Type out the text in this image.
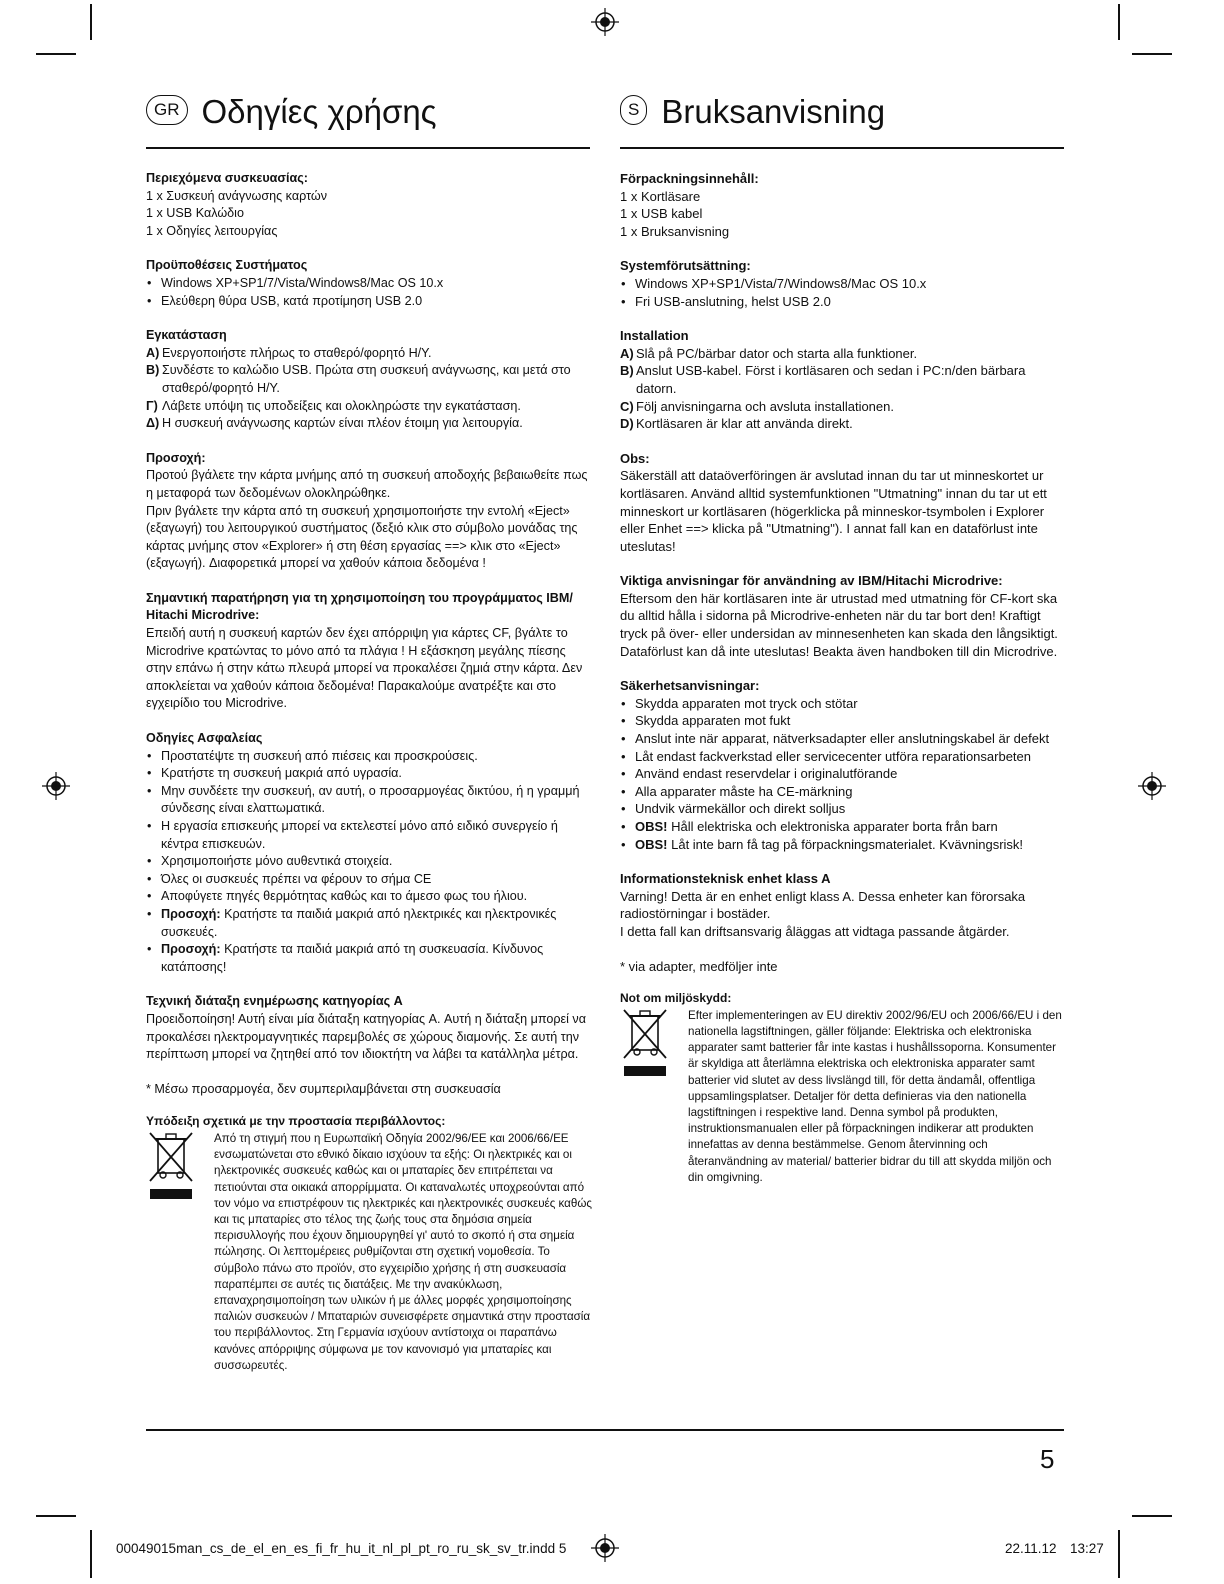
GR Οδηγίες χρήσης	S Bruksanvisning
Περιεχόμενα συσκευασίας:

1 x Συσκευή ανάγνωσης καρτών

1 x USB Καλώδιο

1 x Οδηγίες λειτουργίας

Προϋποθέσεις Συστήματος

• Windows XP+SP1/7/Vista/Windows8/Mac OS 10.x

• Ελεύθερη θύρα USB, κατά προτίμηση USB 2.0

Εγκατάσταση

Α) Ενεργοποιήστε πλήρως το σταθερό/φορητό Η/Υ.

Β) Συνδέστε το καλώδιο USB. Πρώτα στη συσκευή ανάγνωσης, και μετά στο σταθερό/φορητό Η/Υ.

Γ) Λάβετε υπόψη τις υποδείξεις και ολοκληρώστε την εγκατάσταση.

Δ) Η συσκευή ανάγνωσης καρτών είναι πλέον έτοιμη για λειτουργία.

Προσοχή:

Προτού βγάλετε την κάρτα μνήμης από τη συσκευή αποδοχής βεβαιωθείτε πως η μεταφορά των δεδομένων ολοκληρώθηκε.

Πριν βγάλετε την κάρτα από τη συσκευή χρησιμοποιήστε την εντολή «Eject» (εξαγωγή) του λειτουργικού συστήματος (δεξιό κλικ στο σύμβολο μονάδας της κάρτας μνήμης στον «Explorer» ή στη θέση εργασίας ==> κλικ στο «Eject» (εξαγωγή). Διαφορετικά μπορεί να χαθούν κάποια δεδομένα !

Σημαντική παρατήρηση για τη χρησιμοποίηση του προγράμματος IBM/ Hitachi Microdrive:

Επειδή αυτή η συσκευή καρτών δεν έχει απόρριψη για κάρτες CF, βγάλτε το Microdrive κρατώντας το μόνο από τα πλάγια ! Η εξάσκηση μεγάλης πίεσης στην επάνω ή στην κάτω πλευρά μπορεί να προκαλέσει ζημιά στην κάρτα. Δεν αποκλείεται να χαθούν κάποια δεδομένα! Παρακαλούμε ανατρέξτε και στο εγχειρίδιο του Microdrive.

Οδηγίες Ασφαλείας

• Προστατέψτε τη συσκευή από πιέσεις και προσκρούσεις.

• Κρατήστε τη συσκευή μακριά από υγρασία.

• Μην συνδέετε την συσκευή, αν αυτή, ο προσαρμογέας δικτύου, ή η γραμμή σύνδεσης είναι ελαττωματικά.

• Η εργασία επισκευής μπορεί να εκτελεστεί μόνο από ειδικό συνεργείο ή κέντρα επισκευών.

• Χρησιμοποιήστε μόνο αυθεντικά στοιχεία.

• Όλες οι συσκευές πρέπει να φέρουν το σήμα CE

• Αποφύγετε πηγές θερμότητας καθώς και το άμεσο φως του ήλιου.

• Προσοχή: Κρατήστε τα παιδιά μακριά από ηλεκτρικές και ηλεκτρονικές συσκευές.

• Προσοχή: Κρατήστε τα παιδιά μακριά από τη συσκευασία. Κίνδυνος κατάποσης!

Τεχνική διάταξη ενημέρωσης κατηγορίας A

Προειδοποίηση! Αυτή είναι μία διάταξη κατηγορίας A. Αυτή η διάταξη μπορεί να προκαλέσει ηλεκτρομαγνητικές παρεμβολές σε χώρους διαμονής. Σε αυτή την περίπτωση μπορεί να ζητηθεί από τον ιδιοκτήτη να λάβει τα κατάλληλα μέτρα.

* Μέσω προσαρμογέα, δεν συμπεριλαμβάνεται στη συσκευασία

Υπόδειξη σχετικά με την προστασία περιβάλλοντος:
Από τη στιγμή που η Ευρωπαϊκή Οδηγία 2002/96/ΕΕ και 2006/66/ΕΕ ενσωματώνεται στο εθνικό δίκαιο ισχύουν τα εξής: Οι ηλεκτρικές και οι ηλεκτρονικές συσκευές καθώς και οι μπαταρίες δεν επιτρέπεται να πετιούνται στα οικιακά απορρίμματα. Οι καταναλωτές υποχρεούνται από τον νόμο να επιστρέφουν τις ηλεκτρικές και ηλεκτρονικές συσκευές καθώς και τις μπαταρίες στο τέλος της ζωής τους στα δημόσια σημεία περισυλλογής που έχουν δημιουργηθεί γι' αυτό το σκοπό ή στα σημεία πώλησης. Οι λεπτομέρειες ρυθμίζονται στη σχετική νομοθεσία. Το σύμβολο πάνω στο προϊόν, στο εγχειρίδιο χρήσης ή στη συσκευασία παραπέμπει σε αυτές τις διατάξεις. Με την ανακύκλωση, επαναχρησιμοποίηση των υλικών ή με άλλες μορφές χρησιμοποίησης παλιών συσκευών / Μπαταριών συνεισφέρετε σημαντικά στην προστασία του περιβάλλοντος. Στη Γερμανία ισχύουν αντίστοιχα οι παραπάνω κανόνες απόρριψης σύμφωνα με τον κανονισμό για μπαταρίες και συσσωρευτές.
Förpackningsinnehåll:

1 x Kortläsare

1 x USB kabel

1 x Bruksanvisning

Systemförutsättning:

• Windows XP+SP1/Vista/7/Windows8/Mac OS 10.x

• Fri USB-anslutning, helst USB 2.0

Installation

A) Slå på PC/bärbar dator och starta alla funktioner.

B) Anslut USB-kabel. Först i kortläsaren och sedan i PC:n/den bärbara datorn.

C) Följ anvisningarna och avsluta installationen.

D) Kortläsaren är klar att använda direkt.

Obs:

Säkerställ att dataöverföringen är avslutad innan du tar ut minneskortet ur kortläsaren. Använd alltid systemfunktionen "Utmatning" innan du tar ut ett minneskort ur kortläsaren (högerklicka på minneskor-tsymbolen i Explorer eller Enhet ==> klicka på "Utmatning"). I annat fall kan en dataförlust inte uteslutas!

Viktiga anvisningar för användning av IBM/Hitachi Microdrive:

Eftersom den här kortläsaren inte är utrustad med utmatning för CF-kort ska du alltid hålla i sidorna på Microdrive-enheten när du tar bort den! Kraftigt tryck på över- eller undersidan av minnesenheten kan skada den långsiktigt. Dataförlust kan då inte uteslutas! Beakta även handboken till din Microdrive.

Säkerhetsanvisningar:

• Skydda apparaten mot tryck och stötar

• Skydda apparaten mot fukt

• Anslut inte när apparat, nätverksadapter eller anslutningskabel är defekt

• Låt endast fackverkstad eller servicecenter utföra reparationsarbeten

• Använd endast reservdelar i originalutförande

• Alla apparater måste ha CE-märkning

• Undvik värmekällor och direkt solljus

• OBS! Håll elektriska och elektroniska apparater borta från barn

• OBS! Låt inte barn få tag på förpackningsmaterialet. Kvävningsrisk!

Informationsteknisk enhet klass A

Varning! Detta är en enhet enligt klass A. Dessa enheter kan förorsaka radiostörningar i bostäder.

I detta fall kan driftsansvarig åläggas att vidtaga passande åtgärder.

* via adapter, medföljer inte

Not om miljöskydd:
Efter implementeringen av EU direktiv 2002/96/EU och 2006/66/EU i den nationella lagstiftningen, gäller följande: Elektriska och elektroniska apparater samt batterier får inte kastas i hushållssoporna. Konsumenter är skyldiga att återlämna elektriska och elektroniska apparater samt batterier vid slutet av dess livslängd till, för detta ändamål, offentliga uppsamlingsplatser. Detaljer för detta definieras via den nationella lagstiftningen i respektive land. Denna symbol på produkten, instruktionsmanualen eller på förpackningen indikerar att produkten innefattas av denna bestämmelse. Genom återvinning och återanvändning av material/ batterier bidrar du till att skydda miljön och din omgivning.
5
00049015man_cs_de_el_en_es_fi_fr_hu_it_nl_pl_pt_ro_ru_sk_sv_tr.indd 5	22.11.12 13:27
